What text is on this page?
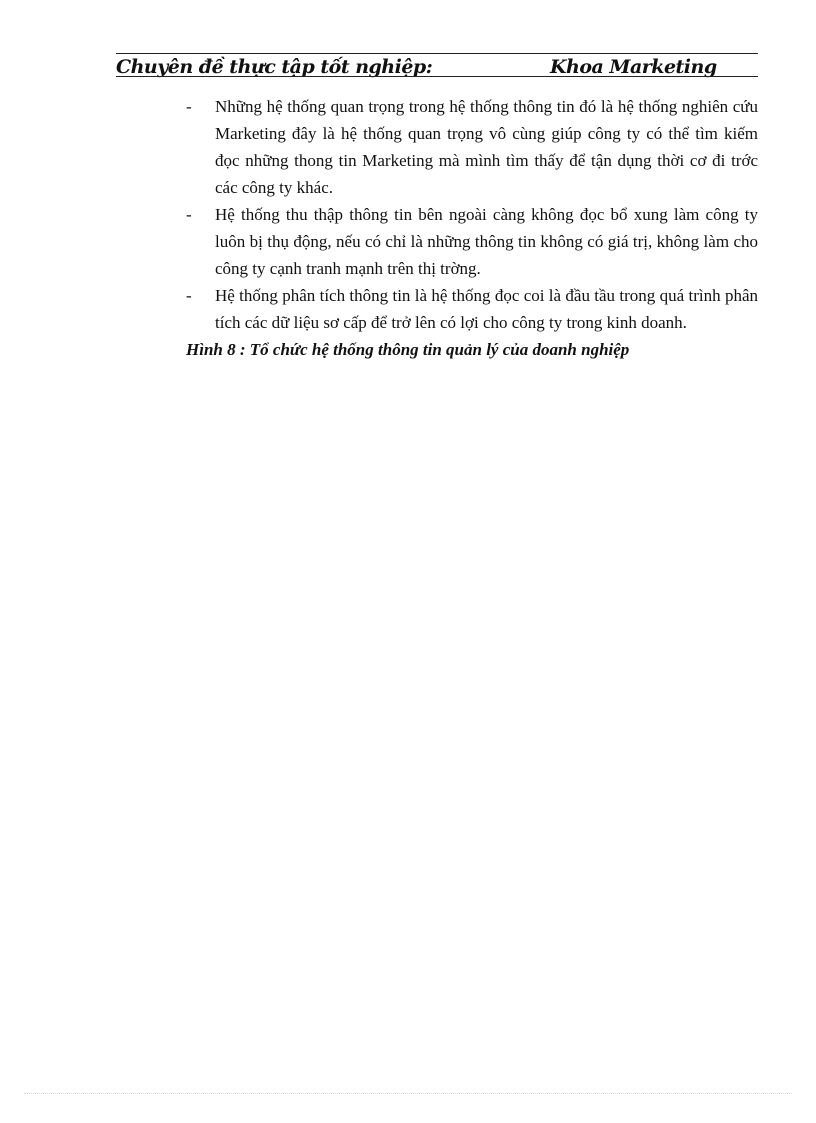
Chuyên đề thực tập tốt nghiệp:	Khoa Marketing

-	Những hệ thống quan trọng trong hệ thống thông tin đó là hệ thống nghiên cứu Marketing đây là hệ thống quan trọng vô cùng giúp công ty có thể tìm kiếm đọc những thong tin Marketing mà mình tìm thấy để tận dụng thời cơ đi trớc các công ty khác.

-	Hệ thống thu thập thông tin bên ngoài càng không đọc bổ xung làm công ty luôn bị thụ động, nếu có chỉ là những thông tin không có giá trị, không làm cho công ty cạnh tranh mạnh trên thị trờng.

-	Hệ thống phân tích thông tin là hệ thống đọc coi là đầu tầu trong quá trình phân tích các dữ liệu sơ cấp để trở lên có lợi cho công ty trong kinh doanh.

Hình 8 : Tổ chức hệ thống thông tin quản lý của doanh nghiệp
